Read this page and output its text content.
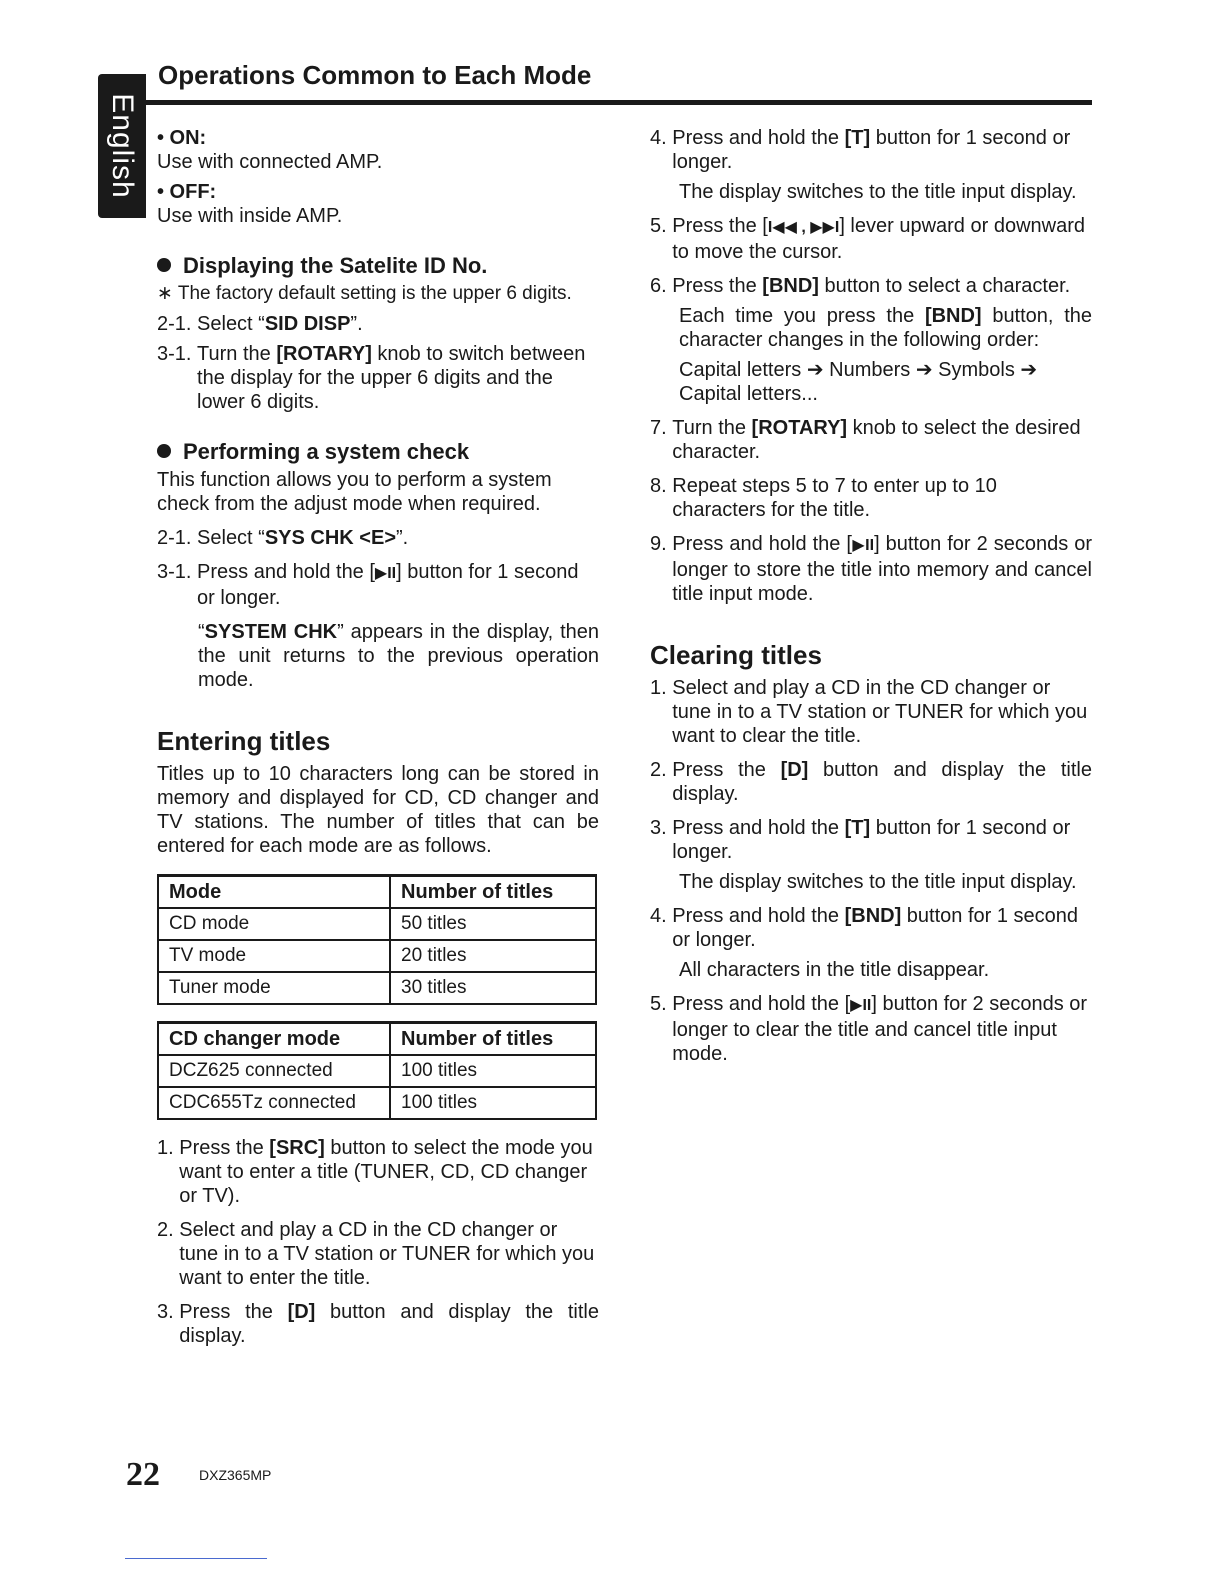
English
Operations Common to Each Mode

• ON:

Use with connected AMP.

• OFF:

Use with inside AMP.

Displaying the Satelite ID No.

∗ The factory default setting is the upper 6 digits.

2-1. Select “SID DISP”.
3-1. Turn the [ROTARY] knob to switch between the display for the upper 6 digits and the lower 6 digits.

Performing a system check

This function allows you to perform a system check from the adjust mode when required.

2-1. Select “SYS CHK <E>”.
3-1. Press and hold the [▶II] button for 1 second or longer.

“SYSTEM CHK” appears in the display, then the unit returns to the previous operation mode.

Entering titles

Titles up to 10 characters long can be stored in memory and displayed for CD, CD changer and TV stations. The number of titles that can be entered for each mode are as follows.

Mode	Number of titles
CD mode	50 titles
TV mode	20 titles
Tuner mode	30 titles
CD changer mode	Number of titles
DCZ625 connected	100 titles
CDC655Tz connected	100 titles
1. Press the [SRC] button to select the mode you want to enter a title (TUNER, CD, CD changer or TV).
2. Select and play a CD in the CD changer or tune in to a TV station or TUNER for which you want to enter the title.
3. Press the [D] button and display the title display.
4. Press and hold the [T] button for 1 second or longer.

The display switches to the title input display.

5. Press the [I◀◀ , ▶▶I] lever upward or downward to move the cursor.
6. Press the [BND] button to select a character.

Each time you press the [BND] button, the character changes in the following order:

Capital letters ➔ Numbers ➔ Symbols ➔ Capital letters...

7. Turn the [ROTARY] knob to select the desired character.
8. Repeat steps 5 to 7 to enter up to 10 characters for the title.
9. Press and hold the [▶II] button for 2 seconds or longer to store the title into memory and cancel title input mode.

Clearing titles

1. Select and play a CD in the CD changer or tune in to a TV station or TUNER for which you want to clear the title.
2. Press the [D] button and display the title display.
3. Press and hold the [T] button for 1 second or longer.

The display switches to the title input display.

4. Press and hold the [BND] button for 1 second or longer.

All characters in the title disappear.

5. Press and hold the [▶II] button for 2 seconds or longer to clear the title and cancel title input mode.
22	DXZ365MP
